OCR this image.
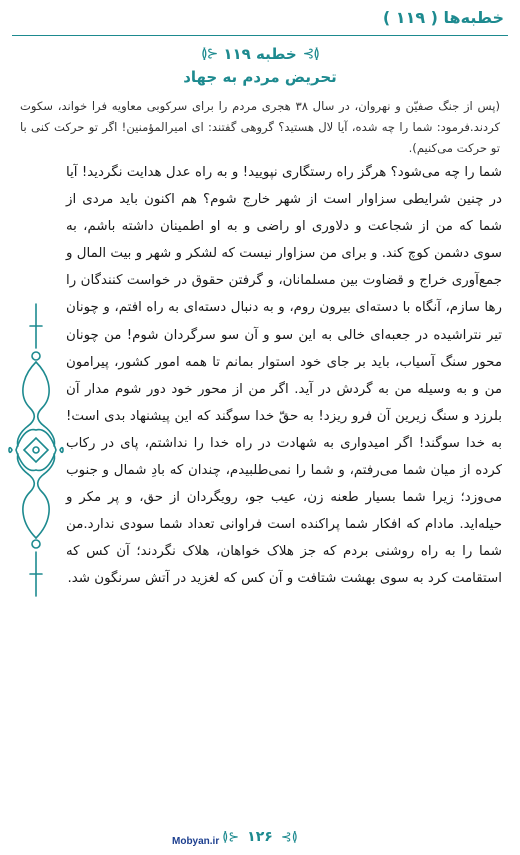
خطبه‌ها ( ۱۱۹ )
≬⊱
خطبه ۱۱۹
⊰≬
تحریض مردم به جهاد
(پس از جنگ صفیّن و نهروان، در سال ۳۸ هجری مردم را برای سرکوبی معاویه فرا خواند، سکوت کردند.فرمود: شما را چه شده، آیا لال هستید؟ گروهی گفتند: ای امیرالمؤمنین! اگر تو حرکت کنی با تو حرکت می‌کنیم).

شما را چه می‌شود؟ هرگز راه رستگاری نپویید! و به راه عدل هدایت نگردید! آیا در چنین شرایطی سزاوار است از شهر خارج شوم؟ هم اکنون باید مردی از شما که من از شجاعت و دلاوری او راضی و به او اطمینان داشته باشم، به سوی دشمن کوچ کند. و برای من سزاوار نیست که لشکر و شهر و بیت المال و جمع‌آوری خراج و قضاوت بین مسلمانان، و گرفتن حقوق در خواست کنندگان را رها سازم، آنگاه با دسته‌ای بیرون روم، و به دنبال دسته‌ای به راه افتم، و چونان تیر نتراشیده در جعبه‌ای خالی به این سو و آن سو سرگردان شوم! من چونان محور سنگ آسیاب، باید بر جای خود استوار بمانم تا همه امور کشور، پیرامون من و به وسیله من به گردش در آید. اگر من از محور خود دور شوم مدار آن بلرزد و سنگ زیرین آن فرو ریزد! به حقّ خدا سوگند که این پیشنهاد بدی است!

به خدا سوگند! اگر امیدواری به شهادت در راه خدا را نداشتم، پای در رکاب کرده از میان شما می‌رفتم، و شما را نمی‌طلبیدم، چندان که بادِ شمال و جنوب می‌وزد؛ زیرا شما بسیار طعنه زن، عیب جو، رویگردان از حق، و پر مکر و حیله‌اید. مادام که افکار شما پراکنده است فراوانی تعداد شما سودی ندارد.من شما را به راه روشنی بردم که جز هلاک خواهان، هلاک نگردند؛ آن کس که استقامت کرد به سوی بهشت شتافت و آن کس که لغزید در آتش سرنگون شد.

≬⊱ ۱۲۶ ⊰≬
Mobyan.ir
